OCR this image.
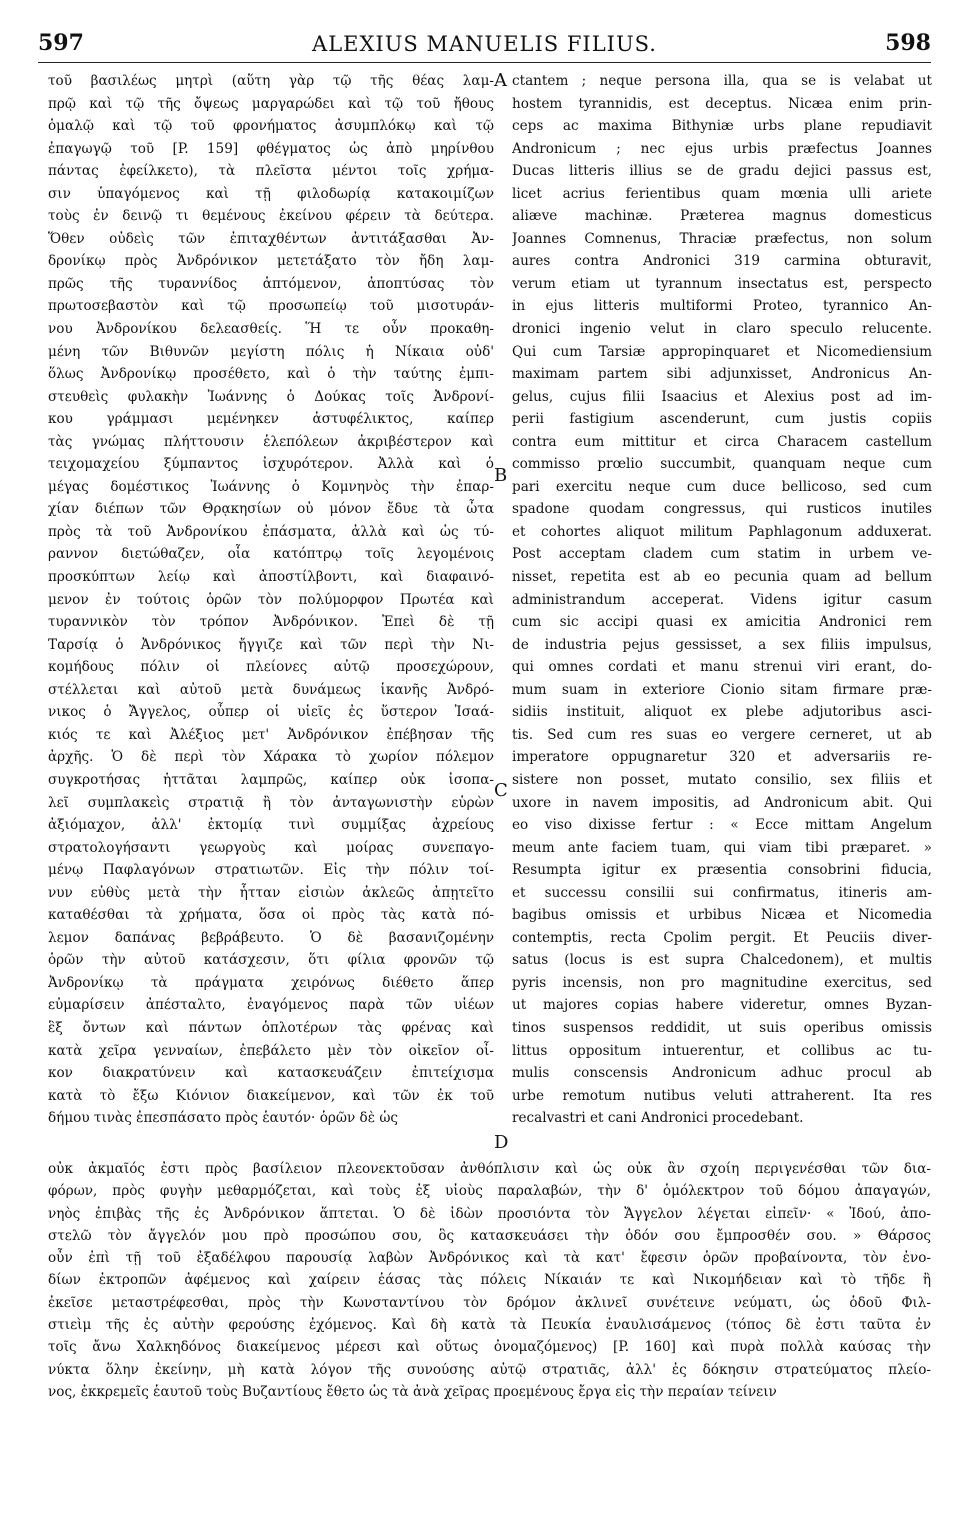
597	ALEXIUS MANUELIS FILIUS.	598
τοῦ βασιλέως μητρὶ (αὕτη γὰρ τῷ τῆς θέας λαμ-
πρῷ καὶ τῷ τῆς ὄψεως μαργαρώδει καὶ τῷ τοῦ ἤθους
ὁμαλῷ καὶ τῷ τοῦ φρονήματος ἀσυμπλόκῳ καὶ τῷ
ἐπαγωγῷ τοῦ [P. 159] φθέγματος ὡς ἀπὸ μηρίνθου
πάντας ἐφείλκετο), τὰ πλεῖστα μέντοι τοῖς χρήμα-
σιν ὑπαγόμενος καὶ τῇ φιλοδωρίᾳ κατακοιμίζων
τοὺς ἐν δεινῷ τι θεμένους ἐκείνου φέρειν τὰ δεύτερα.
Ὅθεν οὐδεὶς τῶν ἐπιταχθέντων ἀντιτάξασθαι Ἀν-
δρονίκῳ πρὸς Ἀνδρόνικον μετετάξατο τὸν ἤδη λαμ-
πρῶς τῆς τυραννίδος ἁπτόμενον, ἀποπτύσας τὸν
πρωτοσεβαστὸν καὶ τῷ προσωπείῳ τοῦ μισοτυράν-
νου Ἀνδρονίκου δελεασθείς. Ἥ τε οὖν προκαθη-
μένη τῶν Βιθυνῶν μεγίστη πόλις ἡ Νίκαια οὐδ'
ὅλως Ἀνδρονίκῳ προσέθετο, καὶ ὁ τὴν ταύτης ἐμπι-
στευθεὶς φυλακὴν Ἰωάννης ὁ Δούκας τοῖς Ἀνδρονί-
κου γράμμασι μεμένηκεν ἀστυφέλικτος, καίπερ
τὰς γνώμας πλήττουσιν ἑλεπόλεων ἀκριβέστερον καὶ
τειχομαχείου ξύμπαντος ἰσχυρότερον. Ἀλλὰ καὶ ὁ
μέγας δομέστικος Ἰωάννης ὁ Κομνηνὸς τὴν ἐπαρ-
χίαν διέπων τῶν Θρᾳκησίων οὐ μόνον ἔδυε τὰ ὦτα
πρὸς τὰ τοῦ Ἀνδρονίκου ἐπάσματα, ἀλλὰ καὶ ὡς τύ-
ραννον διετώθαζεν, οἷα κατόπτρῳ τοῖς λεγομένοις
προσκύπτων λείῳ καὶ ἀποστίλβοντι, καὶ διαφαινό-
μενον ἐν τούτοις ὁρῶν τὸν πολύμορφον Πρωτέα καὶ
τυραννικὸν τὸν τρόπον Ἀνδρόνικον. Ἐπεὶ δὲ τῇ
Ταρσίᾳ ὁ Ἀνδρόνικος ἤγγιζε καὶ τῶν περὶ τὴν Νι-
κομήδους πόλιν οἱ πλείονες αὐτῷ προσεχώρουν,
στέλλεται καὶ αὐτοῦ μετὰ δυνάμεως ἱκανῆς Ἀνδρό-
νικος ὁ Ἄγγελος, οὗπερ οἱ υἱεῖς ἐς ὕστερον Ἰσαά-
κιός τε καὶ Ἀλέξιος μετ' Ἀνδρόνικον ἐπέβησαν τῆς
ἀρχῆς. Ὁ δὲ περὶ τὸν Χάρακα τὸ χωρίον πόλεμον
συγκροτήσας ἡττᾶται λαμπρῶς, καίπερ οὐκ ἰσοπα-
λεῖ συμπλακεὶς στρατιᾷ ἢ τὸν ἀνταγωνιστὴν εὑρὼν
ἀξιόμαχον, ἀλλ' ἐκτομίᾳ τινὶ συμμίξας ἀχρείους
στρατολογήσαντι γεωργοὺς καὶ μοίρας συνεπαγο-
μένῳ Παφλαγόνων στρατιωτῶν. Εἰς τὴν πόλιν τοί-
νυν εὐθὺς μετὰ τὴν ἧτταν εἰσιὼν ἀκλεῶς ἀπῃτεῖτο
καταθέσθαι τὰ χρήματα, ὅσα οἱ πρὸς τὰς κατὰ πό-
λεμον δαπάνας βεβράβευτο. Ὁ δὲ βασανιζομένην
ὁρῶν τὴν αὐτοῦ κατάσχεσιν, ὅτι φίλια φρονῶν τῷ
Ἀνδρονίκῳ τὰ πράγματα χειρόνως διέθετο ἅπερ
εὐμαρίσειν ἀπέσταλτο, ἐναγόμενος παρὰ τῶν υἱέων
ἓξ ὄντων καὶ πάντων ὁπλοτέρων τὰς φρένας καὶ
κατὰ χεῖρα γενναίων, ἐπεβάλετο μὲν τὸν οἰκεῖον οἶ-
κον διακρατύνειν καὶ κατασκευάζειν ἐπιτείχισμα
κατὰ τὸ ἔξω Κιόνιον διακείμενον, καὶ τῶν ἐκ τοῦ
δήμου τινὰς ἐπεσπάσατο πρὸς ἑαυτόν· ὁρῶν δὲ ὡς
A
B
C
D
ctantem ; neque persona illa, qua se is velabat ut
hostem tyrannidis, est deceptus. Nicæa enim prin-
ceps ac maxima Bithyniæ urbs plane repudiavit
Andronicum ; nec ejus urbis præfectus Joannes
Ducas litteris illius se de gradu dejici passus est,
licet acrius ferientibus quam mœnia ulli ariete
aliæve machinæ. Præterea magnus domesticus
Joannes Comnenus, Thraciæ præfectus, non solum
aures contra Andronici 319 carmina obturavit,
verum etiam ut tyrannum insectatus est, perspecto
in ejus litteris multiformi Proteo, tyrannico An-
dronici ingenio velut in claro speculo relucente.
Qui cum Tarsiæ appropinquaret et Nicomediensium
maximam partem sibi adjunxisset, Andronicus An-
gelus, cujus filii Isaacius et Alexius post ad im-
perii fastigium ascenderunt, cum justis copiis
contra eum mittitur et circa Characem castellum
commisso prœlio succumbit, quanquam neque cum
pari exercitu neque cum duce bellicoso, sed cum
spadone quodam congressus, qui rusticos inutiles
et cohortes aliquot militum Paphlagonum adduxerat.
Post acceptam cladem cum statim in urbem ve-
nisset, repetita est ab eo pecunia quam ad bellum
administrandum acceperat. Videns igitur casum
cum sic accipi quasi ex amicitia Andronici rem
de industria pejus gessisset, a sex filiis impulsus,
qui omnes cordati et manu strenui viri erant, do-
mum suam in exteriore Cionio sitam firmare præ-
sidiis instituit, aliquot ex plebe adjutoribus asci-
tis. Sed cum res suas eo vergere cerneret, ut ab
imperatore oppugnaretur 320 et adversariis re-
sistere non posset, mutato consilio, sex filiis et
uxore in navem impositis, ad Andronicum abit. Qui
eo viso dixisse fertur : « Ecce mittam Angelum
meum ante faciem tuam, qui viam tibi præparet. »
Resumpta igitur ex præsentia consobrini fiducia,
et successu consilii sui confirmatus, itineris am-
bagibus omissis et urbibus Nicæa et Nicomedia
contemptis, recta Cpolim pergit. Et Peuciis diver-
satus (locus is est supra Chalcedonem), et multis
pyris incensis, non pro magnitudine exercitus, sed
ut majores copias habere videretur, omnes Byzan-
tinos suspensos reddidit, ut suis operibus omissis
littus oppositum intuerentur, et collibus ac tu-
mulis conscensis Andronicum adhuc procul ab
urbe remotum nutibus veluti attraherent. Ita res
recalvastri et cani Andronici procedebant.
οὐκ ἀκμαῖός ἐστι πρὸς βασίλειον πλεονεκτοῦσαν ἀνθόπλισιν καὶ ὡς οὐκ ἂν σχοίη περιγενέσθαι τῶν δια-
φόρων, πρὸς φυγὴν μεθαρμόζεται, καὶ τοὺς ἐξ υἱοὺς παραλαβών, τὴν δ' ὁμόλεκτρον τοῦ δόμου ἀπαγαγών,
νηὸς ἐπιβὰς τῆς ἐς Ἀνδρόνικον ἅπτεται. Ὁ δὲ ἰδὼν προσιόντα τὸν Ἄγγελον λέγεται εἰπεῖν· « Ἰδού, ἀπο-
στελῶ τὸν ἄγγελόν μου πρὸ προσώπου σου, ὃς κατασκευάσει τὴν ὁδόν σου ἔμπροσθέν σου. » Θάρσος
οὖν ἐπὶ τῇ τοῦ ἐξαδέλφου παρουσίᾳ λαβὼν Ἀνδρόνικος καὶ τὰ κατ' ἔφεσιν ὁρῶν προβαίνοντα, τὸν ἐνο-
δίων ἐκτροπῶν ἀφέμενος καὶ χαίρειν ἐάσας τὰς πόλεις Νίκαιάν τε καὶ Νικομήδειαν καὶ τὸ τῆδε ἢ
ἐκεῖσε μεταστρέφεσθαι, πρὸς τὴν Κωνσταντίνου τὸν δρόμον ἀκλινεῖ συνέτεινε νεύματι, ὡς ὁδοῦ Φιλ-
στιεὶμ τῆς ἐς αὐτὴν φερούσης ἐχόμενος. Καὶ δὴ κατὰ τὰ Πευκία ἐναυλισάμενος (τόπος δὲ ἐστι ταῦτα ἐν
τοῖς ἄνω Χαλκηδόνος διακείμενος μέρεσι καὶ οὕτως ὀνομαζόμενος) [P. 160] καὶ πυρὰ πολλὰ καύσας τὴν
νύκτα ὅλην ἐκείνην, μὴ κατὰ λόγον τῆς συνούσης αὐτῷ στρατιᾶς, ἀλλ' ἐς δόκησιν στρατεύματος πλείο-
νος, ἐκκρεμεῖς ἑαυτοῦ τοὺς Βυζαντίους ἔθετο ὡς τὰ ἀνὰ χεῖρας προεμένους ἔργα εἰς τὴν περαίαν τείνειν
